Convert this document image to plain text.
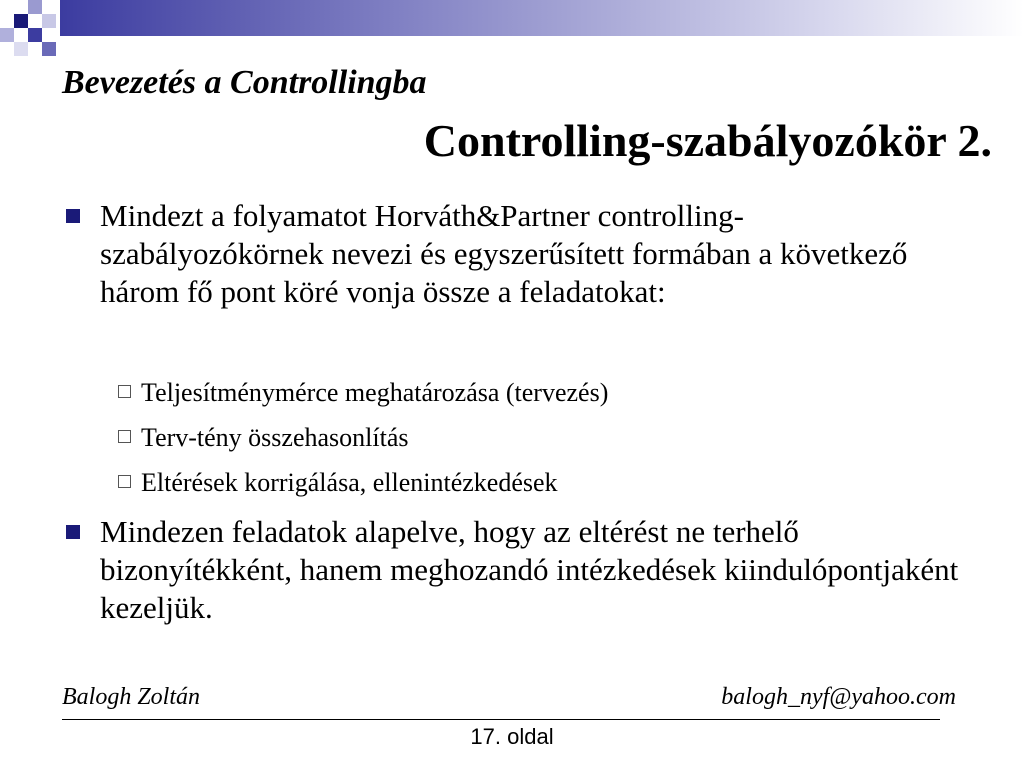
Bevezetés a Controllingba
Controlling-szabályozókör 2.
Mindezt a folyamatot Horváth&Partner controlling-szabályozókörnek nevezi és egyszerűsített formában a következő három fő pont köré vonja össze a feladatokat:
Teljesítménymérce meghatározása (tervezés)
Terv-tény összehasonlítás
Eltérések korrigálása, ellenintézkedések
Mindezen feladatok alapelve, hogy az eltérést ne terhelő bizonyítékként, hanem meghozandó intézkedések kiindulópontjaként kezeljük.
Balogh Zoltán	balogh_nyf@yahoo.com
17. oldal
